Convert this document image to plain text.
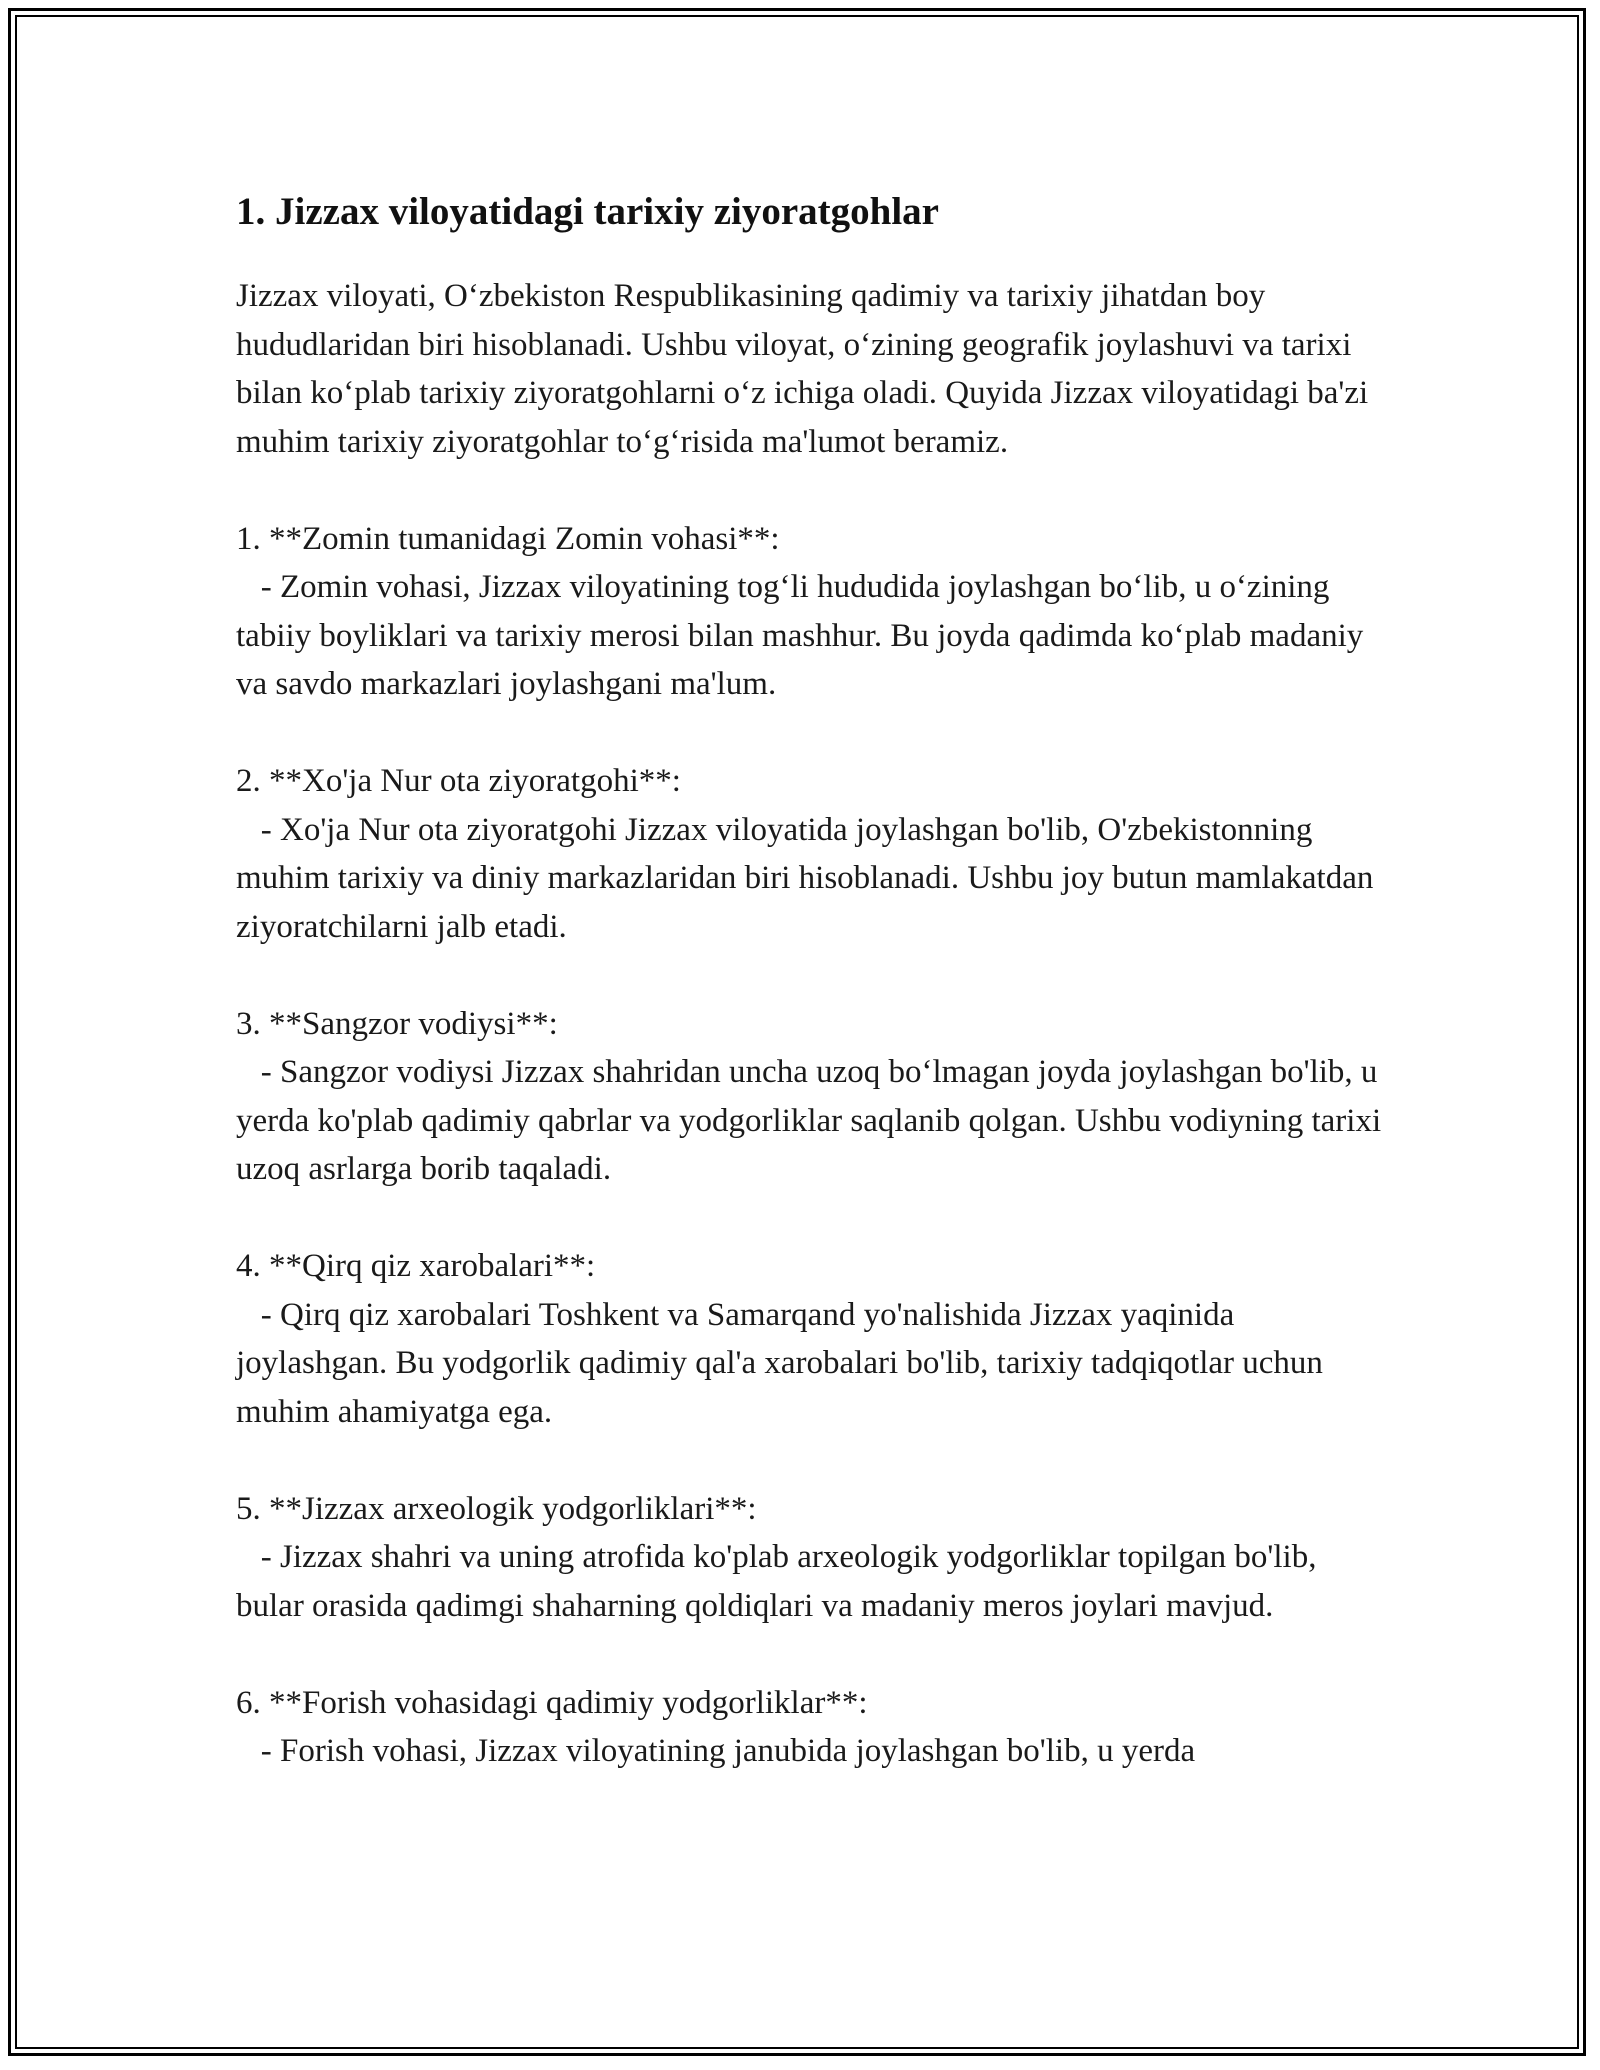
1. Jizzax viloyatidagi tarixiy ziyoratgohlar

Jizzax viloyati, O‘zbekiston Respublikasining qadimiy va tarixiy jihatdan boy hududlaridan biri hisoblanadi. Ushbu viloyat, o‘zining geografik joylashuvi va tarixi bilan ko‘plab tarixiy ziyoratgohlarni o‘z ichiga oladi. Quyida Jizzax viloyatidagi ba'zi muhim tarixiy ziyoratgohlar to‘g‘risida ma'lumot beramiz.

1. **Zomin tumanidagi Zomin vohasi**:

- Zomin vohasi, Jizzax viloyatining tog‘li hududida joylashgan bo‘lib, u o‘zining tabiiy boyliklari va tarixiy merosi bilan mashhur. Bu joyda qadimda ko‘plab madaniy va savdo markazlari joylashgani ma'lum.

2. **Xo'ja Nur ota ziyoratgohi**:

- Xo'ja Nur ota ziyoratgohi Jizzax viloyatida joylashgan bo'lib, O'zbekistonning muhim tarixiy va diniy markazlaridan biri hisoblanadi. Ushbu joy butun mamlakatdan ziyoratchilarni jalb etadi.

3. **Sangzor vodiysi**:

- Sangzor vodiysi Jizzax shahridan uncha uzoq bo‘lmagan joyda joylashgan bo'lib, u yerda ko'plab qadimiy qabrlar va yodgorliklar saqlanib qolgan. Ushbu vodiyning tarixi uzoq asrlarga borib taqaladi.

4. **Qirq qiz xarobalari**:

- Qirq qiz xarobalari Toshkent va Samarqand yo'nalishida Jizzax yaqinida joylashgan. Bu yodgorlik qadimiy qal'a xarobalari bo'lib, tarixiy tadqiqotlar uchun muhim ahamiyatga ega.

5. **Jizzax arxeologik yodgorliklari**:

- Jizzax shahri va uning atrofida ko'plab arxeologik yodgorliklar topilgan bo'lib, bular orasida qadimgi shaharning qoldiqlari va madaniy meros joylari mavjud.

6. **Forish vohasidagi qadimiy yodgorliklar**:

- Forish vohasi, Jizzax viloyatining janubida joylashgan bo'lib, u yerda
